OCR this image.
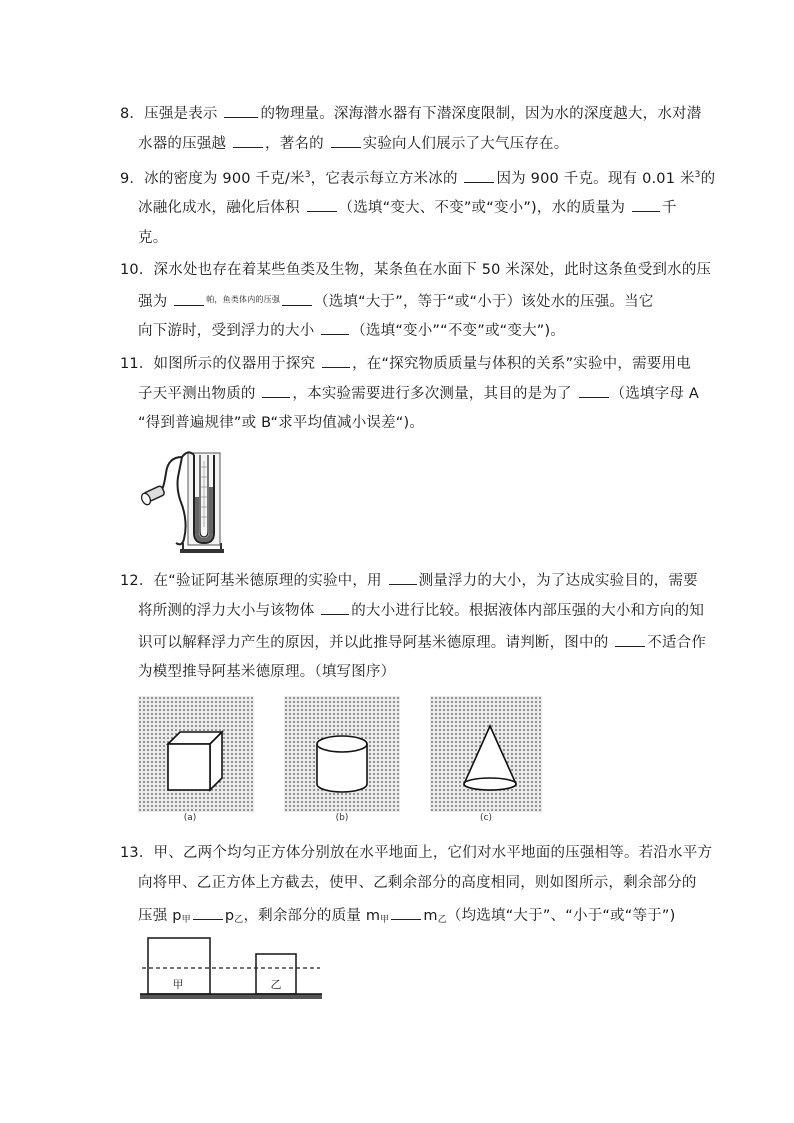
8．压强是表示	的物理量。深海潜水器有下潜深度限制，因为水的深度越大，水对潜
水器的压强越 ，著名的 实验向人们展示了大气压存在。
9．冰的密度为 900 千克/米$^3$，它表示每立方米冰的 因为 900 千克。现有 0.01 米$^3$的
冰融化成水，融化后体积 （选填“变大、不变”或“变小”)，水的质量为 千
克。
10．深水处也存在着某些鱼类及生物，某条鱼在水面下 50 米深处，此时这条鱼受到水的压
强为	$^{帕,鱼类体内的压强}$ （选填“大于”，等于“或“小于）该处水的压强。当它
向下游时，受到浮力的大小 （选填“变小”“不变”或“变大”)。
11．如图所示的仪器用于探究 ，在“探究物质质量与体积的关系”实验中，需要用电
子天平测出物质的 ，本实验需要进行多次测量，其目的是为了 （选填字母 A
“得到普遍规律”或 B“求平均值减小误差“)。
12．在“验证阿基米德原理的实验中，用 测量浮力的大小，为了达成实验目的，需要
将所测的浮力大小与该物体 的大小进行比较。根据液体内部压强的大小和方向的知
识可以解释浮力产生的原因，并以此推导阿基米德原理。请判断，图中的 不适合作
为模型推导阿基米德原理。（填写图序）
(a)	(b)	(c)
13．甲、乙两个均匀正方体分别放在水平地面上，它们对水平地面的压强相等。若沿水平方
向将甲、乙正方体上方截去，使甲、乙剩余部分的高度相同，则如图所示，剩余部分的
压强 $p_甲$ $p_乙$，剩余部分的质量 $m_甲$ $m_乙$（均选填“大于”、“小于“或“等于”)
甲	乙
